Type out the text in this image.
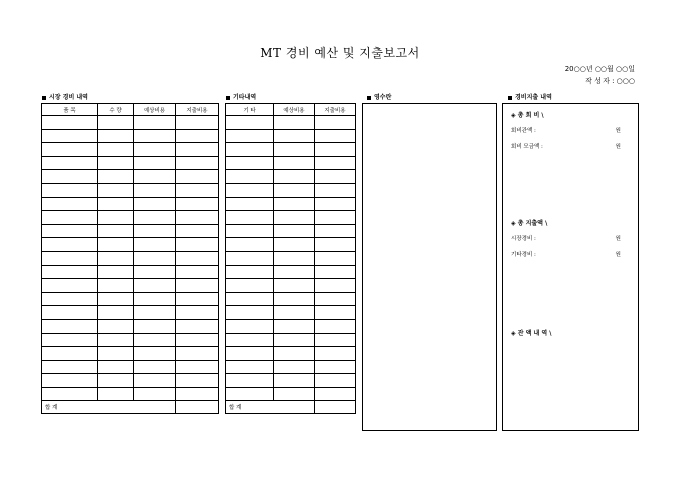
MT 경비 예산 및 지출보고서
20○○년 ○○월 ○○일
작 성 자 : ○○○
시장 경비 내역	기타내역	영수란	경비지출 내역
품 목	수 량	예상비용	지출비용

합 계			
기 타	예상비용	지출비용

합 계		
◈ 총 회 비 \
회비관액 :	원
회비 모금액 :	원
◈ 총 지출액 \
시장경비 :	원
기타경비 :	원
◈ 잔 액 내 역 \
